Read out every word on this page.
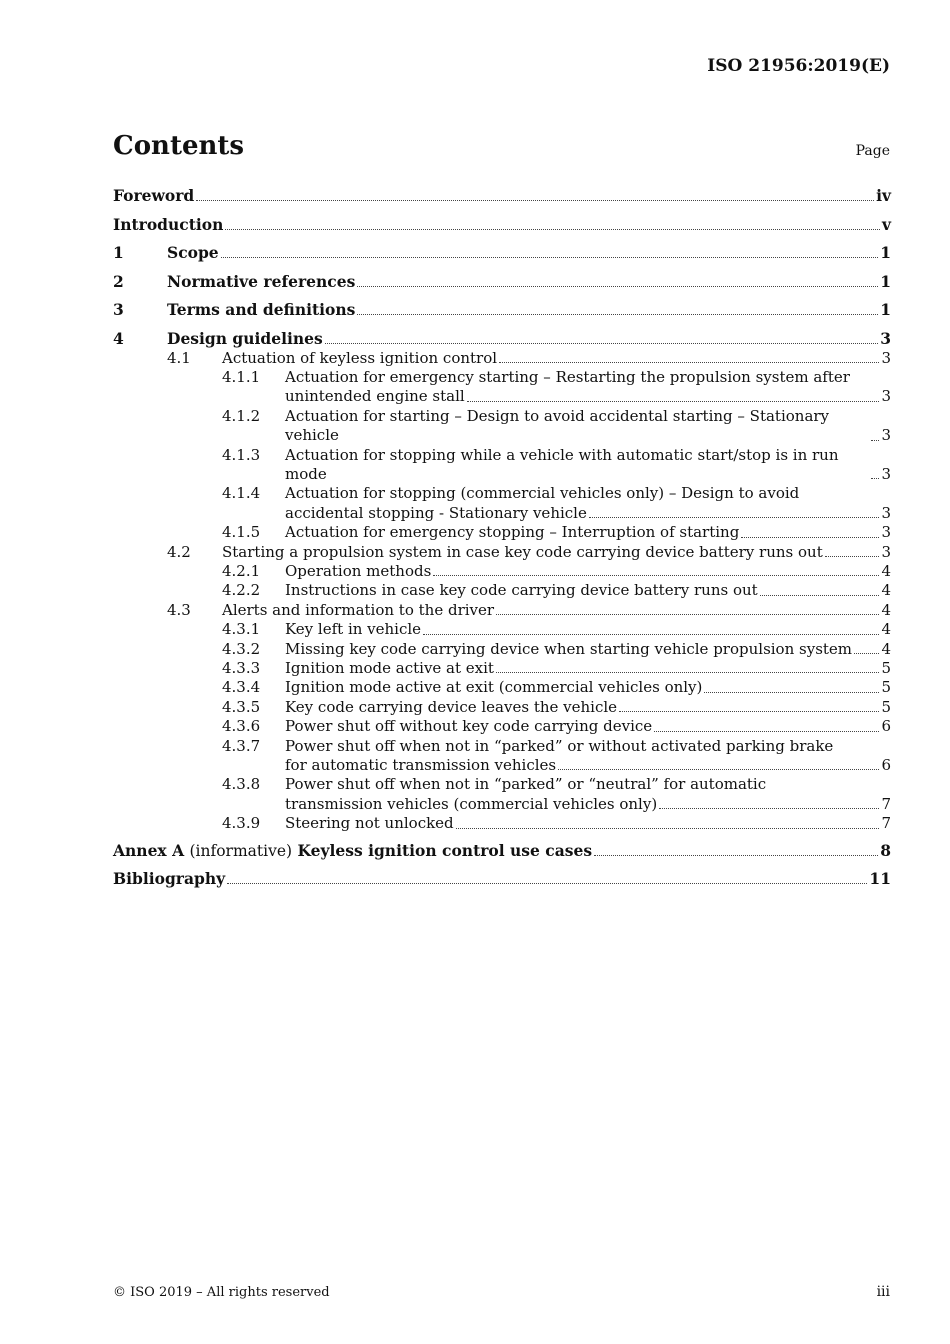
ISO 21956:2019(E)
Contents	Page
Foreword	iv
Introduction	v
1	Scope	1
2	Normative references	1
3	Terms and definitions	1
4	Design guidelines	3
4.1 Actuation of keyless ignition control	3
4.1.1	Actuation for emergency starting – Restarting the propulsion system after
unintended engine stall	3
4.1.2 Actuation for starting – Design to avoid accidental starting – Stationary vehicle	3
4.1.3 Actuation for stopping while a vehicle with automatic start/stop is in run mode	3
4.1.4	Actuation for stopping (commercial vehicles only) – Design to avoid
accidental stopping - Stationary vehicle	3
4.1.5 Actuation for emergency stopping – Interruption of starting	3
4.2 Starting a propulsion system in case key code carrying device battery runs out	3
4.2.1 Operation methods	4
4.2.2 Instructions in case key code carrying device battery runs out	4
4.3 Alerts and information to the driver	4
4.3.1 Key left in vehicle	4
4.3.2 Missing key code carrying device when starting vehicle propulsion system 4
4.3.3 Ignition mode active at exit	5
4.3.4 Ignition mode active at exit (commercial vehicles only)	5
4.3.5 Key code carrying device leaves the vehicle	5
4.3.6 Power shut off without key code carrying device	6
4.3.7	Power shut off when not in “parked” or without activated parking brake
for automatic transmission vehicles	6
4.3.8	Power shut off when not in “parked” or “neutral” for automatic
transmission vehicles (commercial vehicles only)	7
4.3.9 Steering not unlocked	7
Annex A (informative) Keyless ignition control use cases	8
Bibliography	11
© ISO 2019 – All rights reserved	iii
